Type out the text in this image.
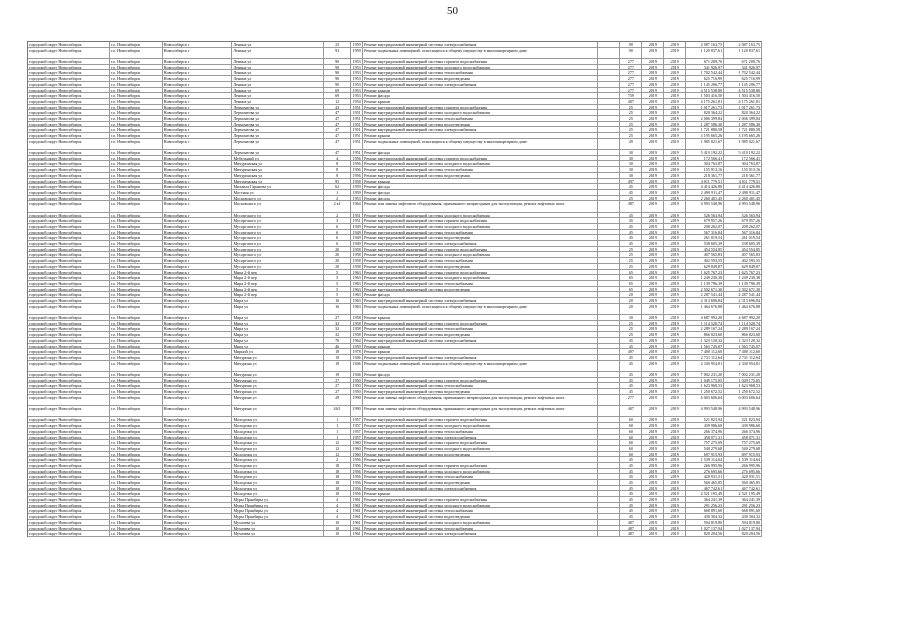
50
городской округ Новосибирск	г.о. Новосибирск	Новосибирск г	Ленина ул	23	1959 Ремонт внутридомовой инженерной системы электроснабжения	90	2019	2019	2 087 163,75	2 087 163,75
городской округ Новосибирск	г.о. Новосибирск	Новосибирск г	Ленина ул	93	1959 Ремонт подвальных помещений, относящихся к общему имуществу в многоквартирном доме	90	2019	2019	1 120 837,61	1 120 837,61
городской округ Новосибирск	г.о. Новосибирск	Новосибирск г	Ленина ул	90	1953 Ремонт внутридомовой инженерной системы горячего водоснабжения	277	2019	2019	671 209,76	671 209,76
городской округ Новосибирск	г.о. Новосибирск	Новосибирск г	Ленина ул	90	1953 Ремонт внутридомовой инженерной системы холодного водоснабжения	277	2019	2019	341 926,97	341 926,97
городской округ Новосибирск	г.о. Новосибирск	Новосибирск г	Ленина ул	90	1953 Ремонт внутридомовой инженерной системы теплоснабжения	277	2019	2019	1 702 542,44	1 702 542,44
городской округ Новосибирск	г.о. Новосибирск	Новосибирск г	Ленина ул	90	1953 Ремонт внутридомовой инженерной системы водоотведения	277	2019	2019	625 716,99	625 716,99
городской округ Новосибирск	г.о. Новосибирск	Новосибирск г	Ленина ул	90	1953 Ремонт внутридомовой инженерной системы электроснабжения	277	2019	2019	1 145 296,77	1 145 296,77
городской округ Новосибирск	г.о. Новосибирск	Новосибирск г	Ленина ул	69	1953 Ремонт крыши	277	2019	2019	4 515 538,80	4 515 538,80
городской округ Новосибирск	г.о. Новосибирск	Новосибирск г	Ленина ул	69	1953 Ремонт фасада	759	2019	2019	1 503 416,50	1 503 416,50
городской округ Новосибирск	г.о. Новосибирск	Новосибирск г	Ленина ул	12	1954 Ремонт крыши	407	2019	2019	4 175 261,81	4 175 261,81
городской округ Новосибирск	г.о. Новосибирск	Новосибирск г	Лермонтова ул	43	1951 Ремонт внутридомовой инженерной системы горячего водоснабжения	25	2019	2019	1 017 261,73	1 017 261,73
городской округ Новосибирск	г.о. Новосибирск	Новосибирск г	Лермонтова ул	47	1951 Ремонт внутридомовой инженерной системы холодного водоснабжения	25	2019	2019	820 364,22	820 364,22
городской округ Новосибирск	г.о. Новосибирск	Новосибирск г	Лермонтова ул	47	1951 Ремонт внутридомовой инженерной системы теплоснабжения	25	2019	2019	2 006 399,84	2 006 399,84
городской округ Новосибирск	г.о. Новосибирск	Новосибирск г	Лермонтова ул	47	1951 Ремонт внутридомовой инженерной системы водоотведения	25	2019	2019	1 287 586,30	1 287 586,30
городской округ Новосибирск	г.о. Новосибирск	Новосибирск г	Лермонтова ул	47	1951 Ремонт внутридомовой инженерной системы электроснабжения	25	2019	2019	1 721 880,58	1 721 880,58
городской округ Новосибирск	г.о. Новосибирск	Новосибирск г	Лермонтова ул	47	1951 Ремонт крыши	25	2019	2019	3 195 665,26	3 195 665,26
городской округ Новосибирск	г.о. Новосибирск	Новосибирск г	Лермонтова ул	47	1951 Ремонт подвальных помещений, относящихся к общему имуществу в многоквартирном доме	49	2019	2019	1 985 021,67	1 985 021,67
городской округ Новосибирск	г.о. Новосибирск	Новосибирск г	Лермонтова ул	47	1951 Ремонт фасада	30	2019	2019	5 410 192,22	5 410 192,22
городской округ Новосибирск	г.о. Новосибирск	Новосибирск г	Мебельный ул	4	1956 Ремонт внутридомовой инженерной системы горячего водоснабжения	30	2019	2019	172 566,41	172 566,41
городской округ Новосибирск	г.о. Новосибирск	Новосибирск г	Мичуринская ул	8	1956 Ремонт внутридомовой инженерной системы холодного водоснабжения	30	2019	2019	304 763,87	304 763,87
городской округ Новосибирск	г.о. Новосибирск	Новосибирск г	Мичуринская ул	8	1956 Ремонт внутридомовой инженерной системы теплоснабжения	30	2019	2019	155 913,16	155 913,16
городской округ Новосибирск	г.о. Новосибирск	Новосибирск г	Мичуринская ул	8	1956 Ремонт внутридомовой инженерной системы водоотведения	30	2019	2019	218 361,77	218 361,77
городской округ Новосибирск	г.о. Новосибирск	Новосибирск г	Мичуринская ул	95	1958 Ремонт крыши	497	2019	2019	4 011 779,51	4 011 779,51
городской округ Новосибирск	г.о. Новосибирск	Новосибирск г	Михаила Гаранова ул	62	1959 Ремонт фасада	45	2019	2019	4 414 426,80	4 414 426,80
городской округ Новосибирск	г.о. Новосибирск	Новосибирск г	Мостная ул	1	1959 Ремонт фасада	45	2019	2019	2 490 911,47	2 490 911,47
городской округ Новосибирск	г.о. Новосибирск	Новосибирск г	Московского ул	2	1953 Ремонт фасада	25	2019	2019	2 260 401,45	2 260 401,45
городской округ Новосибирск	г.о. Новосибирск	Новосибирск г	Московского ул	2 к1	1964 Ремонт или замена лифтового оборудования, признанного непригодным для эксплуатации, ремонт лифтовых шахт	487	2019	2019	4 993 548,96	4 993 548,96
городской округ Новосибирск	г.о. Новосибирск	Новосибирск г	Мусоргского ул	2	1951 Ремонт внутридомовой инженерной системы холодного водоснабжения	45	2019	2019	526 563,94	526 563,94
городской округ Новосибирск	г.о. Новосибирск	Новосибирск г	Мусоргского ул	3	1951 Ремонт внутридомовой инженерной системы горячего водоснабжения	45	2019	2019	679 957,26	679 957,26
городской округ Новосибирск	г.о. Новосибирск	Новосибирск г	Мусоргского ул	6	1949 Ремонт внутридомовой инженерной системы холодного водоснабжения	45	2019	2019	208 262,07	208 262,07
городской округ Новосибирск	г.о. Новосибирск	Новосибирск г	Мусоргского ул	6	1949 Ремонт внутридомовой инженерной системы теплоснабжения	45	2019	2019	567 316,84	567 316,84
городской округ Новосибирск	г.о. Новосибирск	Новосибирск г	Мусоргского ул	6	1949 Ремонт внутридомовой инженерной системы водоотведения	45	2019	2019	261 019,54	261 019,54
городской округ Новосибирск	г.о. Новосибирск	Новосибирск г	Мусоргского ул	6	1949 Ремонт внутридомовой инженерной системы электроснабжения	45	2019	2019	538 605,39	538 605,39
городской округ Новосибирск	г.о. Новосибирск	Новосибирск г	Мусоргского ул	20	1958 Ремонт внутридомовой инженерной системы горячего водоснабжения	25	2019	2019	454 554,85	454 554,85
городской округ Новосибирск	г.о. Новосибирск	Новосибирск г	Мусоргского ул	20	1958 Ремонт внутридомовой инженерной системы холодного водоснабжения	25	2019	2019	407 565,83	407 565,83
городской округ Новосибирск	г.о. Новосибирск	Новосибирск г	Мусоргского ул	20	1958 Ремонт внутридомовой инженерной системы теплоснабжения	25	2019	2019	402 593,55	402 593,55
городской округ Новосибирск	г.о. Новосибирск	Новосибирск г	Мусоргского ул	20	1958 Ремонт внутридомовой инженерной системы водоотведения	25	2019	2019	629 849,87	629 849,87
городской округ Новосибирск	г.о. Новосибирск	Новосибирск г	Мира 2-й пер	5	1963 Ремонт внутридомовой инженерной системы горячего водоснабжения	65	2019	2019	1 625 767,23	1 625 767,23
городской округ Новосибирск	г.о. Новосибирск	Новосибирск г	Мира 2-й пер	5	1963 Ремонт внутридомовой инженерной системы холодного водоснабжения	65	2019	2019	1 249 230,38	1 249 230,38
городской округ Новосибирск	г.о. Новосибирск	Новосибирск г	Мира 2-й пер	5	1963 Ремонт внутридомовой инженерной системы теплоснабжения	65	2019	2019	1 139 796,39	1 139 796,39
городской округ Новосибирск	г.о. Новосибирск	Новосибирск г	Мира 2-й пер	5	1963 Ремонт внутридомовой инженерной системы водоотведения	65	2019	2019	2 502 671,30	2 502 671,30
городской округ Новосибирск	г.о. Новосибирск	Новосибирск г	Мира 2-й пер	5	1963 Ремонт фасада	20	2019	2019	2 287 541,44	2 287 541,44
городской округ Новосибирск	г.о. Новосибирск	Новосибирск г	Мира ул	16	1963 Ремонт внутридомовой инженерной системы электроснабжения	20	2019	2019	2 313 696,84	2 313 696,84
городской округ Новосибирск	г.о. Новосибирск	Новосибирск г	Мира ул	16	1963 Ремонт подвальных помещений, относящихся к общему имуществу в многоквартирном доме	20	2019	2019	1 464 676,88	1 464 676,88
городской округ Новосибирск	г.о. Новосибирск	Новосибирск г	Мира ул	27	1958 Ремонт крыши	30	2019	2019	4 687 992,20	4 687 992,20
городской округ Новосибирск	г.о. Новосибирск	Новосибирск г	Мира ул	32	1958 Ремонт внутридомовой инженерной системы горячего водоснабжения	25	2019	2019	1 114 520,74	1 114 520,74
городской округ Новосибирск	г.о. Новосибирск	Новосибирск г	Мира ул	32	1958 Ремонт внутридомовой инженерной системы теплоснабжения	25	2019	2019	2 289 167,24	2 289 167,24
городской округ Новосибирск	г.о. Новосибирск	Новосибирск г	Мира ул	32	1958 Ремонт внутридомовой инженерной системы водоотведения	25	2019	2019	866 823,60	866 823,60
городской округ Новосибирск	г.о. Новосибирск	Новосибирск г	Мира ул	70	1964 Ремонт внутридомовой инженерной системы электроснабжения	45	2019	2019	1 323 120,32	1 323 120,32
городской округ Новосибирск	г.о. Новосибирск	Новосибирск г	Мира ул	46	1959 Ремонт крыши	45	2019	2019	1 563 745,07	1 563 745,07
городской округ Новосибирск	г.о. Новосибирск	Новосибирск г	Мирной ул	18	1978 Ремонт крыши	497	2019	2019	7 400 112,60	7 400 112,60
городской округ Новосибирск	г.о. Новосибирск	Новосибирск г	Мичурина ул	19	1946 Ремонт внутридомовой инженерной системы электроснабжения	45	2019	2019	2 731 112,64	2 731 112,64
городской округ Новосибирск	г.о. Новосибирск	Новосибирск г	Мичурина ул	19	1946 Ремонт подвальных помещений, относящихся к общему имуществу в многоквартирном доме	45	2019	2019	2 330 954,81	2 330 954,81
городской округ Новосибирск	г.о. Новосибирск	Новосибирск г	Мичурина ул	19	1946 Ремонт фасада	45	2019	2019	7 002 231,20	7 002 231,20
городской округ Новосибирск	г.о. Новосибирск	Новосибирск г	Мичурина ул	27	1950 Ремонт внутридомовой инженерной системы горячего водоснабжения	45	2019	2019	1 049 175,05	1 049 175,05
городской округ Новосибирск	г.о. Новосибирск	Новосибирск г	Мичурина ул	27	1950 Ремонт внутридомовой инженерной системы теплоснабжения	45	2019	2019	1 623 968,53	1 623 968,53
городской округ Новосибирск	г.о. Новосибирск	Новосибирск г	Мичурина ул	27	1950 Ремонт внутридомовой инженерной системы водоотведения	45	2019	2019	1 250 672,52	1 250 672,52
городской округ Новосибирск	г.о. Новосибирск	Новосибирск г	Мичурина ул	29	1990 Ремонт или замена лифтового оборудования, признанного непригодным для эксплуатации, ремонт лифтовых шахт	277	2019	2019	6 003 606,64	6 003 606,64
городской округ Новосибирск	г.о. Новосибирск	Новосибирск г	Мичурина ул	26/1	1990 Ремонт или замена лифтового оборудования, признанного непригодным для эксплуатации, ремонт лифтовых шахт	407	2019	2019	4 993 548,96	4 993 548,96
городской округ Новосибирск	г.о. Новосибирск	Новосибирск г	Молодежи ул	1	1957 Ремонт внутридомовой инженерной системы горячего водоснабжения	60	2019	2019	521 823,94	521 823,94
городской округ Новосибирск	г.о. Новосибирск	Новосибирск г	Молодежи ул	1	1957 Ремонт внутридомовой инженерной системы холодного водоснабжения	60	2019	2019	439 986,60	439 986,60
городской округ Новосибирск	г.о. Новосибирск	Новосибирск г	Молодежи ул	1	1957 Ремонт внутридомовой инженерной системы теплоснабжения	60	2019	2019	266 374,96	266 374,96
городской округ Новосибирск	г.о. Новосибирск	Новосибирск г	Молодежи ул	1	1957 Ремонт внутридомовой инженерной системы электроснабжения	60	2019	2019	458 071,31	458 071,31
городской округ Новосибирск	г.о. Новосибирск	Новосибирск г	Молодежи ул	12	1960 Ремонт внутридомовой инженерной системы горячего водоснабжения	60	2019	2019	757 275,69	757 275,69
городской округ Новосибирск	г.о. Новосибирск	Новосибирск г	Молодежи ул	12	1960 Ремонт внутридомовой инженерной системы холодного водоснабжения	60	2019	2019	540 279,68	540 279,68
городской округ Новосибирск	г.о. Новосибирск	Новосибирск г	Молодежи ул	12	1960 Ремонт внутридомовой инженерной системы водоотведения	60	2019	2019	697 915,93	697 915,93
городской округ Новосибирск	г.о. Новосибирск	Новосибирск г	Молодежи ул	2	1956 Ремонт крыши	45	2019	2019	1 539 114,64	1 539 114,64
городской округ Новосибирск	г.о. Новосибирск	Новосибирск г	Молодежи ул	18	1956 Ремонт внутридомовой инженерной системы горячего водоснабжения	45	2019	2019	266 995,96	266 995,96
городской округ Новосибирск	г.о. Новосибирск	Новосибирск г	Молодежи ул	18	1956 Ремонт внутридомовой инженерной системы холодного водоснабжения	45	2019	2019	276 695,66	276 695,66
городской округ Новосибирск	г.о. Новосибирск	Новосибирск г	Молодежи ул	18	1956 Ремонт внутридомовой инженерной системы теплоснабжения	45	2019	2019	420 931,51	420 931,51
городской округ Новосибирск	г.о. Новосибирск	Новосибирск г	Молодежи ул	18	1956 Ремонт внутридомовой инженерной системы водоотведения	45	2019	2019	560 465,85	560 465,85
городской округ Новосибирск	г.о. Новосибирск	Новосибирск г	Молодежи ул	18	1956 Ремонт внутридомовой инженерной системы электроснабжения	45	2019	2019	467 742,61	467 742,61
городской округ Новосибирск	г.о. Новосибирск	Новосибирск г	Молодежи ул	18	1956 Ремонт крыши	45	2019	2019	2 521 195,49	2 521 195,49
городской округ Новосибирск	г.о. Новосибирск	Новосибирск г	Муры Пранбиры ул	4	1961 Ремонт внутридомовой инженерной системы горячего водоснабжения	45	2019	2019	364 241,39	364 241,39
городской округ Новосибирск	г.о. Новосибирск	Новосибирск г	Муры Пранбиры ул	4	1961 Ремонт внутридомовой инженерной системы холодного водоснабжения	45	2019	2019	291 256,23	291 256,23
городской округ Новосибирск	г.о. Новосибирск	Новосибирск г	Муры Пранбиры ул	4	1961 Ремонт внутридомовой инженерной системы теплоснабжения	45	2019	2019	668 891,60	668 891,60
городской округ Новосибирск	г.о. Новосибирск	Новосибирск г	Муры Пранбиры ул	4	1961 Ремонт внутридомовой инженерной системы водоотведения	45	2019	2019	430 304,32	430 304,32
городской округ Новосибирск	г.о. Новосибирск	Новосибирск г	Мухачева ул	10	1961 Ремонт внутридомовой инженерной системы холодного водоснабжения	487	2019	2019	594 819,80	594 819,80
городской округ Новосибирск	г.о. Новосибирск	Новосибирск г	Мухачева ул	10	1961 Ремонт внутридомовой инженерной системы теплоснабжения	487	2019	2019	1 027 137,94	1 027 137,94
городской округ Новосибирск	г.о. Новосибирск	Новосибирск г	Мухачева ул	10	1961 Ремонт внутридомовой инженерной системы электроснабжения	487	2019	2019	820 204,56	820 204,56
